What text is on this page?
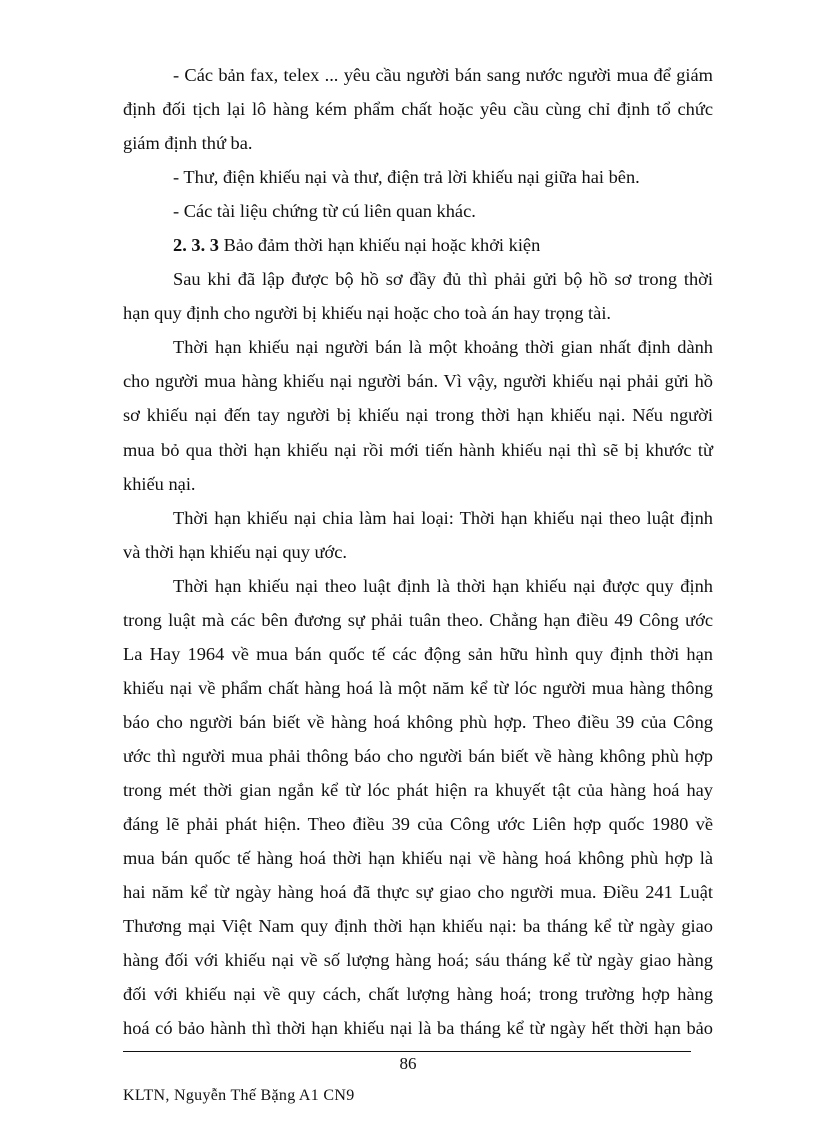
- Các bản fax, telex ... yêu cầu người bán sang nước người mua để giám
định đối tịch lại lô hàng kém phẩm chất hoặc yêu cầu cùng chỉ định tổ chức
giám định thứ ba.
- Thư, điện khiếu nại và thư, điện trả lời khiếu nại giữa hai bên.
- Các tài liệu chứng từ cú liên quan khác.
2. 3. 3 Bảo đảm thời hạn khiếu nại hoặc khởi kiện
Sau khi đã lập được bộ hồ sơ đầy đủ thì phải gửi bộ hồ sơ trong thời
hạn quy định cho người bị khiếu nại hoặc cho toà án hay trọng tài.
Thời hạn khiếu nại người bán là một khoảng thời gian nhất định dành
cho người mua hàng khiếu nại người bán. Vì vậy, người khiếu nại phải gửi hồ
sơ khiếu nại đến tay người bị khiếu nại trong thời hạn khiếu nại. Nếu người
mua bỏ qua thời hạn khiếu nại rồi mới tiến hành khiếu nại thì sẽ bị khước từ
khiếu nại.
Thời hạn khiếu nại chia làm hai loại: Thời hạn khiếu nại theo luật định
và thời hạn khiếu nại quy ước.
Thời hạn khiếu nại theo luật định là thời hạn khiếu nại được quy định
trong luật mà các bên đương sự phải tuân theo. Chẳng hạn điều 49 Công ước
La Hay 1964 về mua bán quốc tế các động sản hữu hình quy định thời hạn
khiếu nại về phẩm chất hàng hoá là một năm kể từ lóc người mua hàng thông
báo cho người bán biết về hàng hoá không phù hợp. Theo điều 39 của Công
ước thì người mua phải thông báo cho người bán biết về hàng không phù hợp
trong mét thời gian ngắn kể từ lóc phát hiện ra khuyết tật của hàng hoá hay
đáng lẽ phải phát hiện. Theo điều 39 của Công ước Liên hợp quốc 1980 về
mua bán quốc tế hàng hoá thời hạn khiếu nại về hàng hoá không phù hợp là
hai năm kể từ ngày hàng hoá đã thực sự giao cho người mua. Điều 241 Luật
Thương mại Việt Nam quy định thời hạn khiếu nại: ba tháng kể từ ngày giao
hàng đối với khiếu nại về số lượng hàng hoá; sáu tháng kể từ ngày giao hàng
đối với khiếu nại về quy cách, chất lượng hàng hoá; trong trường hợp hàng
hoá có bảo hành thì thời hạn khiếu nại là ba tháng kể từ ngày hết thời hạn bảo
86
KLTN, Nguyễn Thế Bặng A1 CN9
